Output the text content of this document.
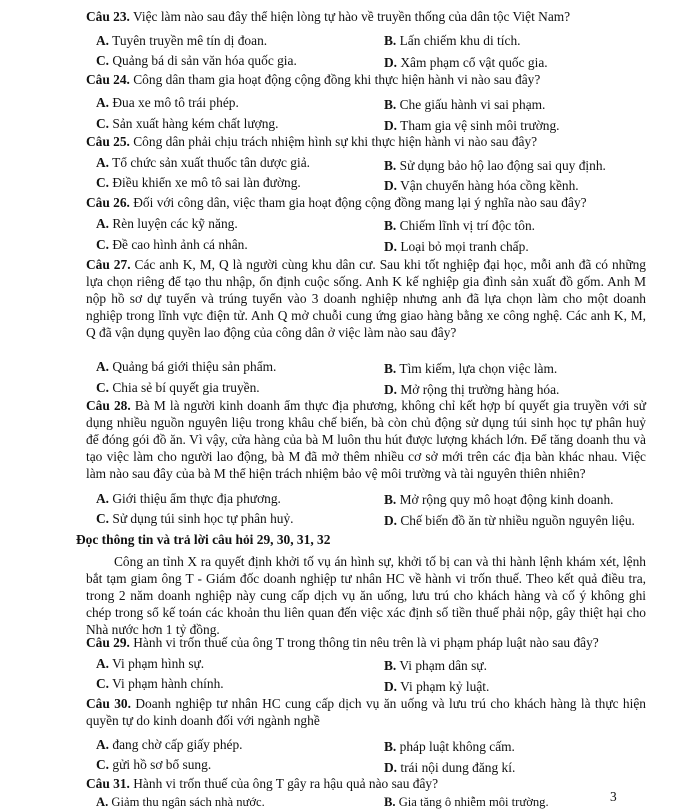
Câu 23. Việc làm nào sau đây thể hiện lòng tự hào về truyền thống của dân tộc Việt Nam?
A. Tuyên truyền mê tín dị đoan.	B. Lấn chiếm khu di tích.
C. Quảng bá di sản văn hóa quốc gia.	D. Xâm phạm cổ vật quốc gia.
Câu 24. Công dân tham gia hoạt động cộng đồng khi thực hiện hành vi nào sau đây?
A. Đua xe mô tô trái phép.	B. Che giấu hành vi sai phạm.
C. Sản xuất hàng kém chất lượng.	D. Tham gia vệ sinh môi trường.
Câu 25. Công dân phải chịu trách nhiệm hình sự khi thực hiện hành vi nào sau đây?
A. Tổ chức sản xuất thuốc tân dược giả.	B. Sử dụng bảo hộ lao động sai quy định.
C. Điều khiển xe mô tô sai làn đường.	D. Vận chuyển hàng hóa cồng kềnh.
Câu 26. Đối với công dân, việc tham gia hoạt động cộng đồng mang lại ý nghĩa nào sau đây?
A. Rèn luyện các kỹ năng.	B. Chiếm lĩnh vị trí độc tôn.
C. Đề cao hình ảnh cá nhân.	D. Loại bỏ mọi tranh chấp.
Câu 27. Các anh K, M, Q là người cùng khu dân cư. Sau khi tốt nghiệp đại học, mỗi anh đã có những lựa chọn riêng để tạo thu nhập, ổn định cuộc sống. Anh K kế nghiệp gia đình sản xuất đồ gốm. Anh M nộp hồ sơ dự tuyển và trúng tuyển vào 3 doanh nghiệp nhưng anh đã lựa chọn làm cho một doanh nghiệp trong lĩnh vực điện tử. Anh Q mở chuỗi cung ứng giao hàng bằng xe công nghệ. Các anh K, M, Q đã vận dụng quyền lao động của công dân ở việc làm nào sau đây?
A. Quảng bá giới thiệu sản phẩm.	B. Tìm kiếm, lựa chọn việc làm.
C. Chia sẻ bí quyết gia truyền.	D. Mở rộng thị trường hàng hóa.
Câu 28. Bà M là người kinh doanh ẩm thực địa phương, không chỉ kết hợp bí quyết gia truyền với sử dụng nhiều nguồn nguyên liệu trong khâu chế biến, bà còn chủ động sử dụng túi sinh học tự phân huỷ để đóng gói đồ ăn. Vì vậy, cửa hàng của bà M luôn thu hút được lượng khách lớn. Để tăng doanh thu và tạo việc làm cho người lao động, bà M đã mở thêm nhiều cơ sở mới trên các địa bàn khác nhau. Việc làm nào sau đây của bà M thể hiện trách nhiệm bảo vệ môi trường và tài nguyên thiên nhiên?
A. Giới thiệu ẩm thực địa phương.	B. Mở rộng quy mô hoạt động kinh doanh.
C. Sử dụng túi sinh học tự phân huỷ.	D. Chế biến đồ ăn từ nhiều nguồn nguyên liệu.
Đọc thông tin và trả lời câu hỏi 29, 30, 31, 32
Công an tỉnh X ra quyết định khởi tố vụ án hình sự, khởi tố bị can và thi hành lệnh khám xét, lệnh bắt tạm giam ông T - Giám đốc doanh nghiệp tư nhân HC về hành vi trốn thuế. Theo kết quả điều tra, trong 2 năm doanh nghiệp này cung cấp dịch vụ ăn uống, lưu trú cho khách hàng và cố ý không ghi chép trong sổ kế toán các khoản thu liên quan đến việc xác định số tiền thuế phải nộp, gây thiệt hại cho Nhà nước hơn 1 tỷ đồng.
Câu 29. Hành vi trốn thuế của ông T trong thông tin nêu trên là vi phạm pháp luật nào sau đây?
A. Vi phạm hình sự.	B. Vi phạm dân sự.
C. Vi phạm hành chính.	D. Vi phạm kỷ luật.
Câu 30. Doanh nghiệp tư nhân HC cung cấp dịch vụ ăn uống và lưu trú cho khách hàng là thực hiện quyền tự do kinh doanh đối với ngành nghề
A. đang chờ cấp giấy phép.	B. pháp luật không cấm.
C. gửi hồ sơ bổ sung.	D. trái nội dung đăng kí.
Câu 31. Hành vi trốn thuế của ông T gây ra hậu quả nào sau đây?
A. Giảm thu ngân sách nhà nước.	B. Gia tăng ô nhiễm môi trường.	3
